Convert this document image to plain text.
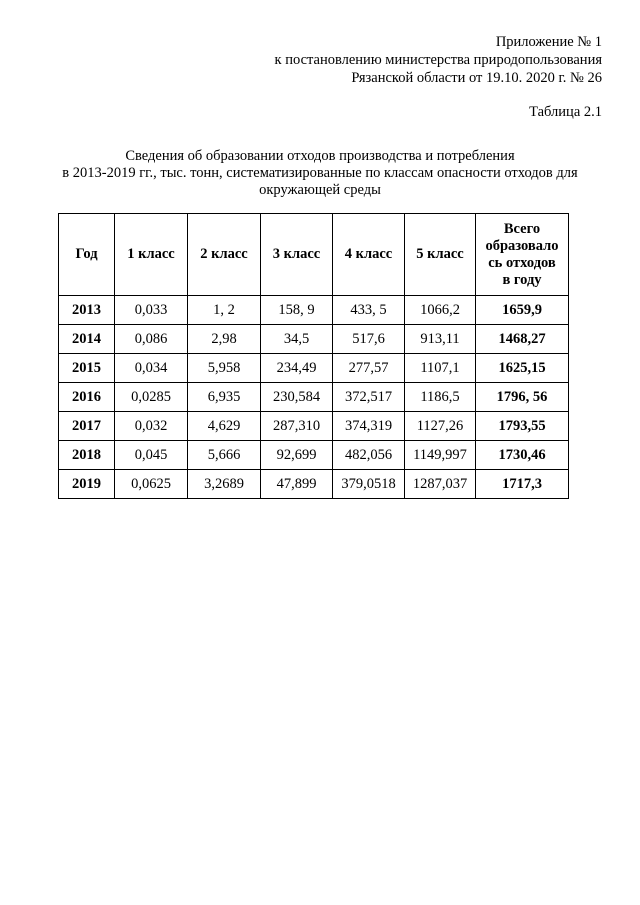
Приложение № 1
к постановлению министерства природопользования
Рязанской области от 19.10. 2020 г. № 26
Таблица 2.1
Сведения об образовании отходов производства и потребления
в 2013-2019 гг., тыс. тонн, систематизированные по классам опасности отходов для
окружающей среды
Год	1 класс	2 класс	3 класс	4 класс	5 класс	Всего
образовало
сь отходов
в году

2013	0,033	1, 2	158, 9	433, 5	1066,2	1659,9
2014	0,086	2,98	34,5	517,6	913,11	1468,27
2015	0,034	5,958	234,49	277,57	1107,1	1625,15
2016	0,0285	6,935	230,584	372,517	1186,5	1796, 56
2017	0,032	4,629	287,310	374,319	1127,26	1793,55
2018	0,045	5,666	92,699	482,056	1149,997	1730,46
2019	0,0625	3,2689	47,899	379,0518	1287,037	1717,3
